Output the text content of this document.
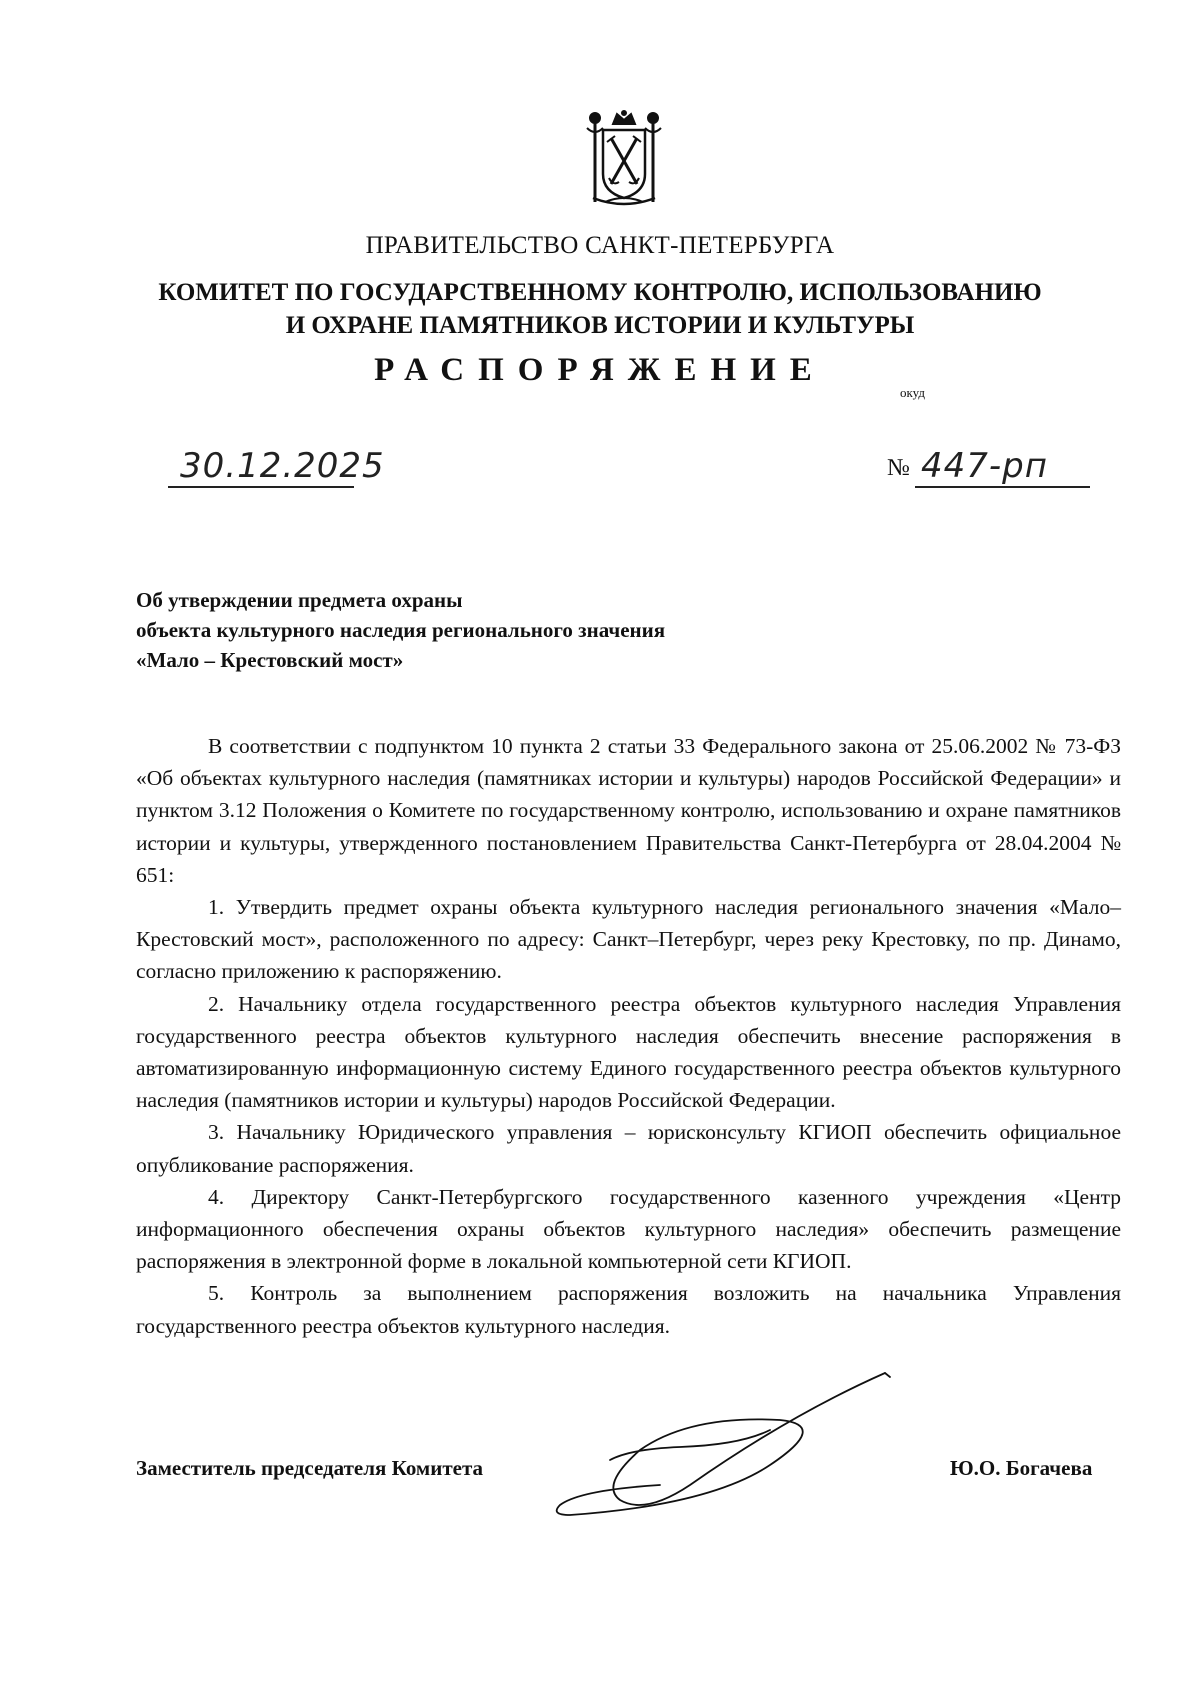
ПРАВИТЕЛЬСТВО САНКТ-ПЕТЕРБУРГА
КОМИТЕТ ПО ГОСУДАРСТВЕННОМУ КОНТРОЛЮ, ИСПОЛЬЗОВАНИЮ
И ОХРАНЕ ПАМЯТНИКОВ ИСТОРИИ И КУЛЬТУРЫ
РАСПОРЯЖЕНИЕ
окуд
30.12.2025	№ 447-рп
Об утверждении предмета охраны
объекта культурного наследия регионального значения
«Мало – Крестовский мост»

В соответствии с подпунктом 10 пункта 2 статьи 33 Федерального закона от 25.06.2002 № 73-ФЗ «Об объектах культурного наследия (памятниках истории и культуры) народов Российской Федерации» и пунктом 3.12 Положения о Комитете по государственному контролю, использованию и охране памятников истории и культуры, утвержденного постановлением Правительства Санкт-Петербурга от 28.04.2004 № 651:

1. Утвердить предмет охраны объекта культурного наследия регионального значения «Мало–Крестовский мост», расположенного по адресу: Санкт–Петербург, через реку Крестовку, по пр. Динамо, согласно приложению к распоряжению.

2. Начальнику отдела государственного реестра объектов культурного наследия Управления государственного реестра объектов культурного наследия обеспечить внесение распоряжения в автоматизированную информационную систему Единого государственного реестра объектов культурного наследия (памятников истории и культуры) народов Российской Федерации.

3. Начальнику Юридического управления – юрисконсульту КГИОП обеспечить официальное опубликование распоряжения.

4. Директору Санкт-Петербургского государственного казенного учреждения «Центр информационного обеспечения охраны объектов культурного наследия» обеспечить размещение распоряжения в электронной форме в локальной компьютерной сети КГИОП.

5. Контроль за выполнением распоряжения возложить на начальника Управления государственного реестра объектов культурного наследия.

Заместитель председателя Комитета	Ю.О. Богачева
